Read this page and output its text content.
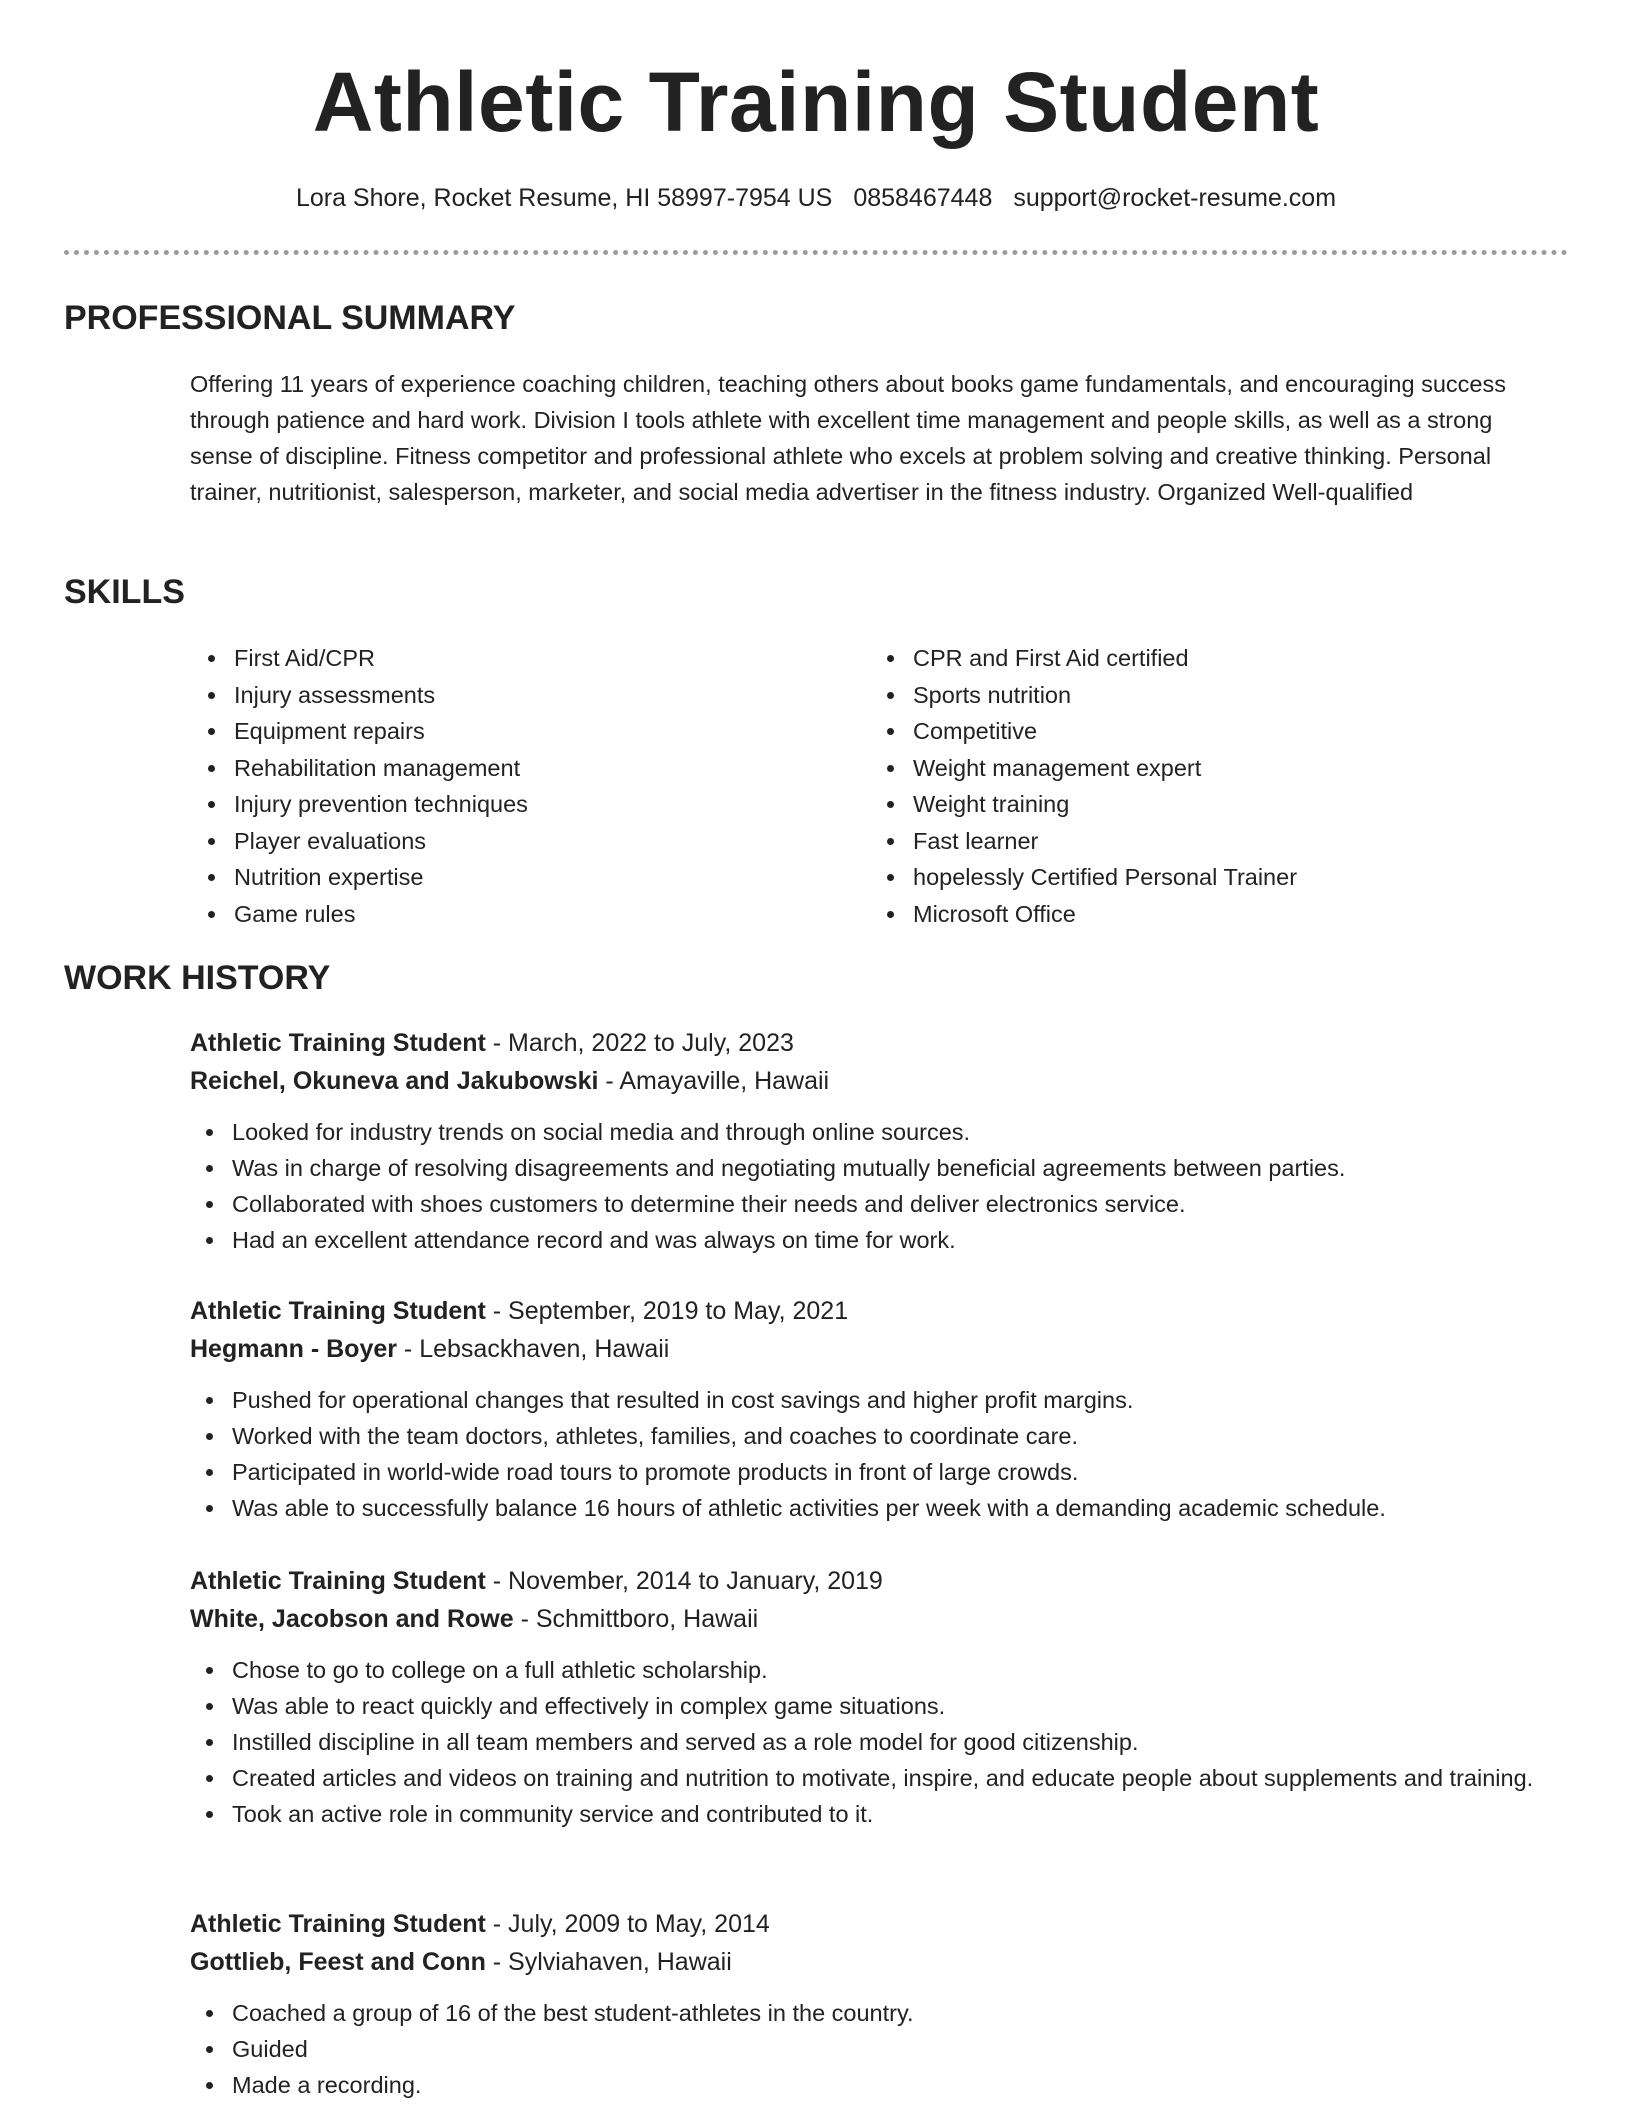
Athletic Training Student
Lora Shore, Rocket Resume, HI 58997-7954 US 0858467448 support@rocket-resume.com
PROFESSIONAL SUMMARY
Offering 11 years of experience coaching children, teaching others about books game fundamentals, and encouraging success through patience and hard work. Division I tools athlete with excellent time management and people skills, as well as a strong sense of discipline. Fitness competitor and professional athlete who excels at problem solving and creative thinking. Personal trainer, nutritionist, salesperson, marketer, and social media advertiser in the fitness industry. Organized Well-qualified
SKILLS
First Aid/CPR
Injury assessments
Equipment repairs
Rehabilitation management
Injury prevention techniques
Player evaluations
Nutrition expertise
Game rules
CPR and First Aid certified
Sports nutrition
Competitive
Weight management expert
Weight training
Fast learner
hopelessly Certified Personal Trainer
Microsoft Office
WORK HISTORY
Athletic Training Student - March, 2022 to July, 2023
Reichel, Okuneva and Jakubowski - Amayaville, Hawaii
Looked for industry trends on social media and through online sources.
Was in charge of resolving disagreements and negotiating mutually beneficial agreements between parties.
Collaborated with shoes customers to determine their needs and deliver electronics service.
Had an excellent attendance record and was always on time for work.
Athletic Training Student - September, 2019 to May, 2021
Hegmann - Boyer - Lebsackhaven, Hawaii
Pushed for operational changes that resulted in cost savings and higher profit margins.
Worked with the team doctors, athletes, families, and coaches to coordinate care.
Participated in world-wide road tours to promote products in front of large crowds.
Was able to successfully balance 16 hours of athletic activities per week with a demanding academic schedule.
Athletic Training Student - November, 2014 to January, 2019
White, Jacobson and Rowe - Schmittboro, Hawaii
Chose to go to college on a full athletic scholarship.
Was able to react quickly and effectively in complex game situations.
Instilled discipline in all team members and served as a role model for good citizenship.
Created articles and videos on training and nutrition to motivate, inspire, and educate people about supplements and training.
Took an active role in community service and contributed to it.
Athletic Training Student - July, 2009 to May, 2014
Gottlieb, Feest and Conn - Sylviahaven, Hawaii
Coached a group of 16 of the best student-athletes in the country.
Guided
Made a recording.
